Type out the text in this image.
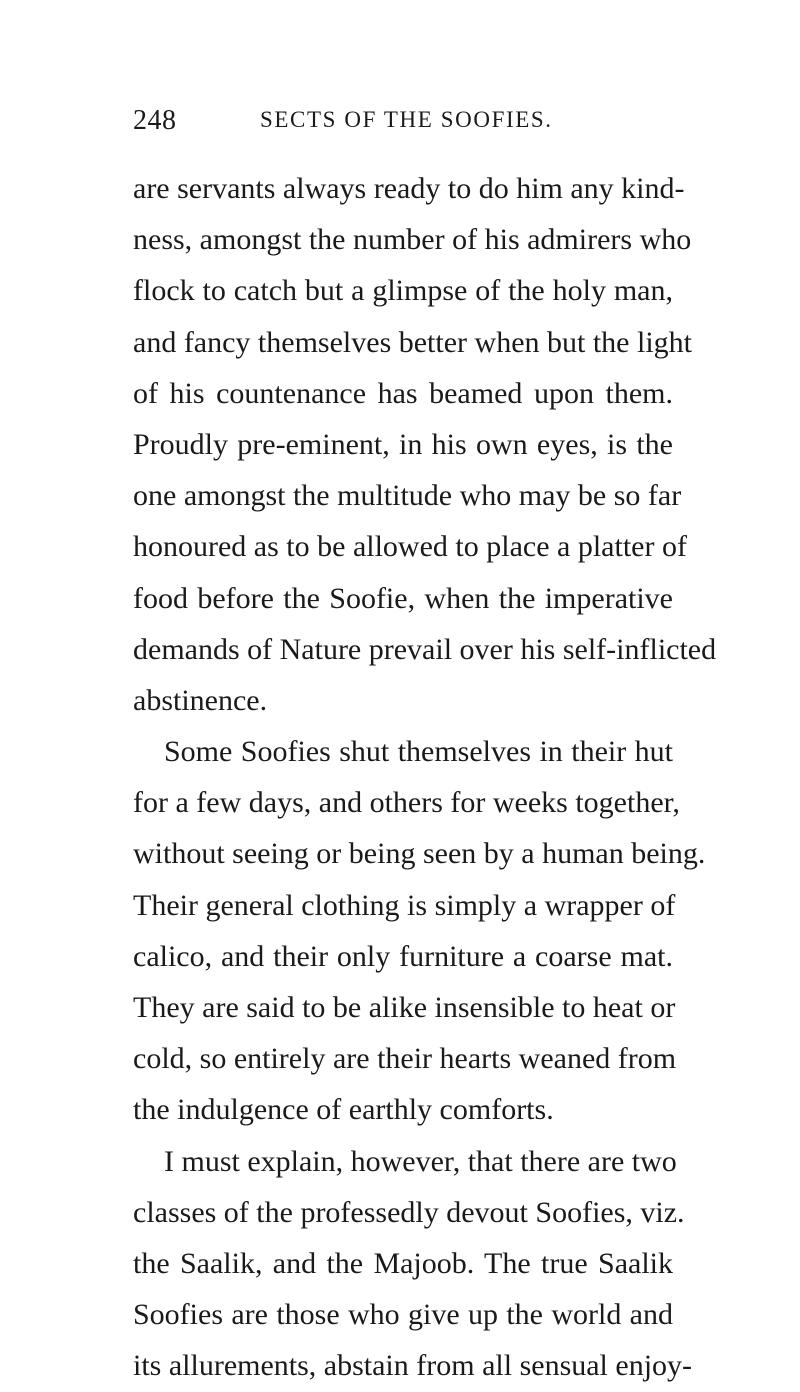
248	SECTS OF THE SOOFIES.
are servants always ready to do him any kind-
ness, amongst the number of his admirers who
flock to catch but a glimpse of the holy man,
and fancy themselves better when but the light
of his countenance has beamed upon them.
Proudly pre-eminent, in his own eyes, is the
one amongst the multitude who may be so far
honoured as to be allowed to place a platter of
food before the Soofie, when the imperative
demands of Nature prevail over his self-inflicted
abstinence.
Some Soofies shut themselves in their hut
for a few days, and others for weeks together,
without seeing or being seen by a human being.
Their general clothing is simply a wrapper of
calico, and their only furniture a coarse mat.
They are said to be alike insensible to heat or
cold, so entirely are their hearts weaned from
the indulgence of earthly comforts.
I must explain, however, that there are two
classes of the professedly devout Soofies, viz.
the Saalik, and the Majoob. The true Saalik
Soofies are those who give up the world and
its allurements, abstain from all sensual enjoy-
